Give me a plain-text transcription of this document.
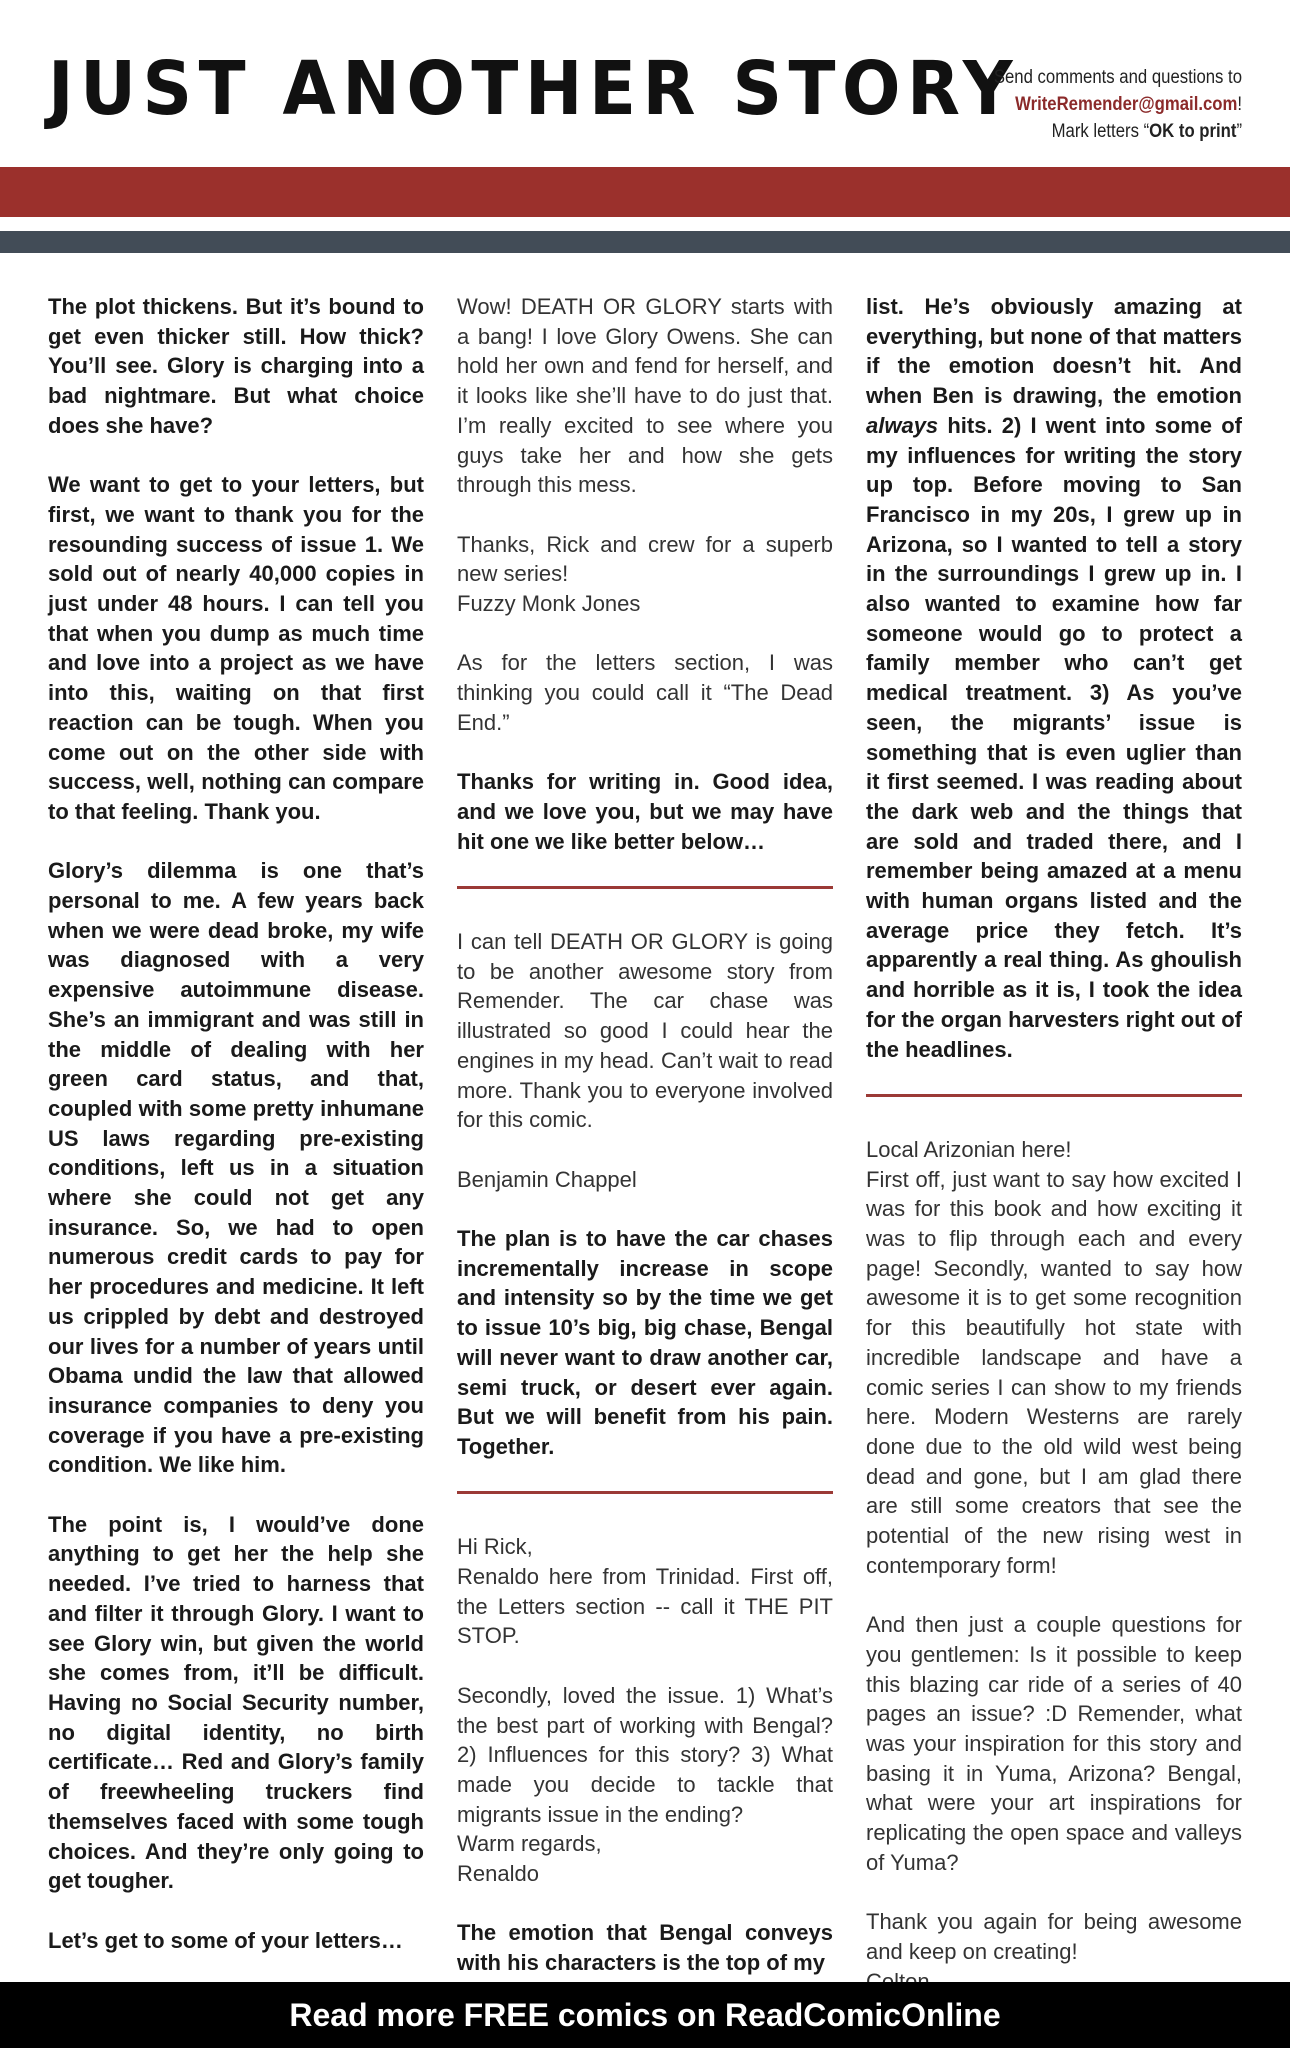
JUST ANOTHER STORY
Send comments and questions to
WriteRemender@gmail.com!
Mark letters “OK to print”

The plot thickens. But it’s bound to get even thicker still. How thick? You’ll see. Glory is charging into a bad nightmare. But what choice does she have?

We want to get to your letters, but first, we want to thank you for the resounding success of issue 1. We sold out of nearly 40,000 copies in just under 48 hours. I can tell you that when you dump as much time and love into a project as we have into this, waiting on that first reaction can be tough. When you come out on the other side with success, well, nothing can compare to that feeling. Thank you.

Glory’s dilemma is one that’s personal to me. A few years back when we were dead broke, my wife was diagnosed with a very expensive autoimmune disease. She’s an immigrant and was still in the middle of dealing with her green card status, and that, coupled with some pretty inhumane US laws regarding pre-existing conditions, left us in a situation where she could not get any insurance. So, we had to open numerous credit cards to pay for her procedures and medicine. It left us crippled by debt and destroyed our lives for a number of years until Obama undid the law that allowed insurance companies to deny you coverage if you have a pre-existing condition. We like him.

The point is, I would’ve done anything to get her the help she needed. I’ve tried to harness that and filter it through Glory. I want to see Glory win, but given the world she comes from, it’ll be difficult. Having no Social Security number, no digital identity, no birth certificate… Red and Glory’s family of freewheeling truckers find themselves faced with some tough choices. And they’re only going to get tougher.

Let’s get to some of your letters…

Wow! DEATH OR GLORY starts with a bang! I love Glory Owens. She can hold her own and fend for herself, and it looks like she’ll have to do just that. I’m really excited to see where you guys take her and how she gets through this mess.

Thanks, Rick and crew for a superb new series!
Fuzzy Monk Jones

As for the letters section, I was thinking you could call it “The Dead End.”

Thanks for writing in. Good idea, and we love you, but we may have hit one we like better below…

I can tell DEATH OR GLORY is going to be another awesome story from Remender. The car chase was illustrated so good I could hear the engines in my head. Can’t wait to read more. Thank you to everyone involved for this comic.

Benjamin Chappel

The plan is to have the car chases incrementally increase in scope and intensity so by the time we get to issue 10’s big, big chase, Bengal will never want to draw another car, semi truck, or desert ever again. But we will benefit from his pain. Together.

Hi Rick,
Renaldo here from Trinidad. First off, the Letters section -- call it THE PIT STOP.

Secondly, loved the issue. 1) What’s the best part of working with Bengal? 2) Influences for this story? 3) What made you decide to tackle that migrants issue in the ending?
Warm regards,
Renaldo

The emotion that Bengal conveys with his characters is the top of my

list. He’s obviously amazing at everything, but none of that matters if the emotion doesn’t hit. And when Ben is drawing, the emotion always hits. 2) I went into some of my influences for writing the story up top. Before moving to San Francisco in my 20s, I grew up in Arizona, so I wanted to tell a story in the surroundings I grew up in. I also wanted to examine how far someone would go to protect a family member who can’t get medical treatment. 3) As you’ve seen, the migrants’ issue is something that is even uglier than it first seemed. I was reading about the dark web and the things that are sold and traded there, and I remember being amazed at a menu with human organs listed and the average price they fetch. It’s apparently a real thing. As ghoulish and horrible as it is, I took the idea for the organ harvesters right out of the headlines.

Local Arizonian here!
First off, just want to say how excited I was for this book and how exciting it was to flip through each and every page! Secondly, wanted to say how awesome it is to get some recognition for this beautifully hot state with incredible landscape and have a comic series I can show to my friends here. Modern Westerns are rarely done due to the old wild west being dead and gone, but I am glad there are still some creators that see the potential of the new rising west in contemporary form!

And then just a couple questions for you gentlemen: Is it possible to keep this blazing car ride of a series of 40 pages an issue? :D Remender, what was your inspiration for this story and basing it in Yuma, Arizona? Bengal, what were your art inspirations for replicating the open space and valleys of Yuma?

Thank you again for being awesome and keep on creating!

Read more FREE comics on ReadComicOnline
